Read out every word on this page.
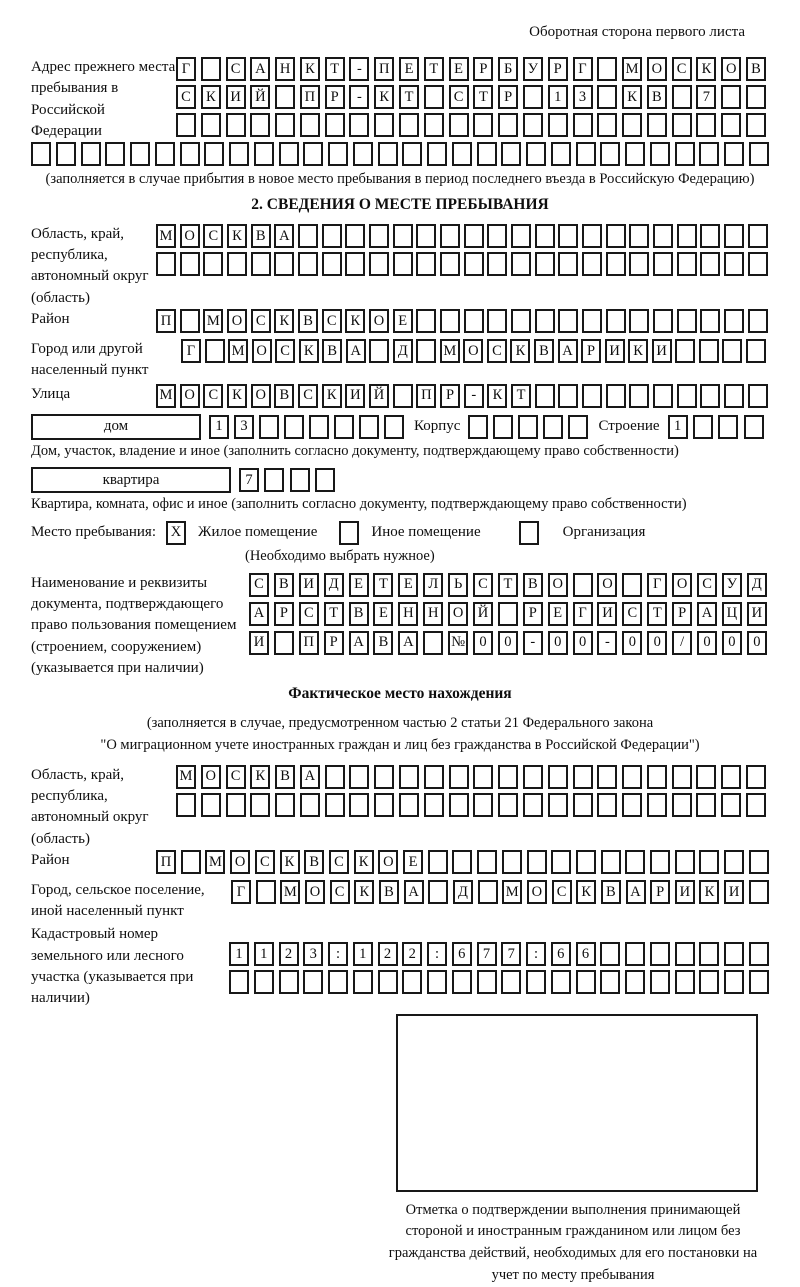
Оборотная сторона первого листа
Адрес прежнего места пребывания в Российской Федерации
Г	С	А Н	К	Т	-	П	Е	Т	Е	Р	Б	У	Р	Г	М О	С	К	О	В
С	К	И Й	П	Р	-	К	Т	С	Т	Р	1	3	К	В	7
(заполняется в случае прибытия в новое место пребывания в период последнего въезда в Российскую Федерацию)
2. СВЕДЕНИЯ О МЕСТЕ ПРЕБЫВАНИЯ
Область, край, республика, автономный округ (область)
М О С К В А
Район	П	М О С К В С К О Е
Город или другой населенный пункт
Г	М О С К В А	Д	М О С К В А Р И К И
Улица	М О С К О В С К И Й	П Р	-	К Т
дом	1	3	Корпус	Строение 1
Дом, участок, владение и иное (заполнить согласно документу, подтверждающему право собственности)
квартира	7
Квартира, комната, офис и иное (заполнить согласно документу, подтверждающему право собственности)
Место пребывания:	X	Жилое помещение	Иное помещение	Организация
(Необходимо выбрать нужное)
Наименование и реквизиты документа, подтверждающего право пользования помещением (строением, сооружением) (указывается при наличии)
С	В	И	Д	Е	Т	Е	Л	Ь	С	Т	В	О	О	Г	О	С	У	Д
А	Р	С	Т	В	Е	Н Н О Й	Р	Е	Г	И	С	Т	Р	А Ц И
И	П	Р	А	В	А	№ 0	0	-	0	0	-	0	0	/	0	0	0
Фактическое место нахождения
(заполняется в случае, предусмотренном частью 2 статьи 21 Федерального закона
"О миграционном учете иностранных граждан и лиц без гражданства в Российской Федерации")
Область, край, республика, автономный округ (область)
М О	С	К	В	А
Район	П	М О	С	К	В	С	К	О	Е
Город, сельское поселение, иной населенный пункт
Г	М О	С	К	В	А	Д	М О	С	К	В	А	Р	И	К	И
Кадастровый номер земельного или лесного участка (указывается при наличии)
1	1	2	3	:	1	2	2	:	6	7	7	:	6	6
Отметка о подтверждении выполнения принимающей стороной и иностранным гражданином или лицом без гражданства действий, необходимых для его постановки на учет по месту пребывания
